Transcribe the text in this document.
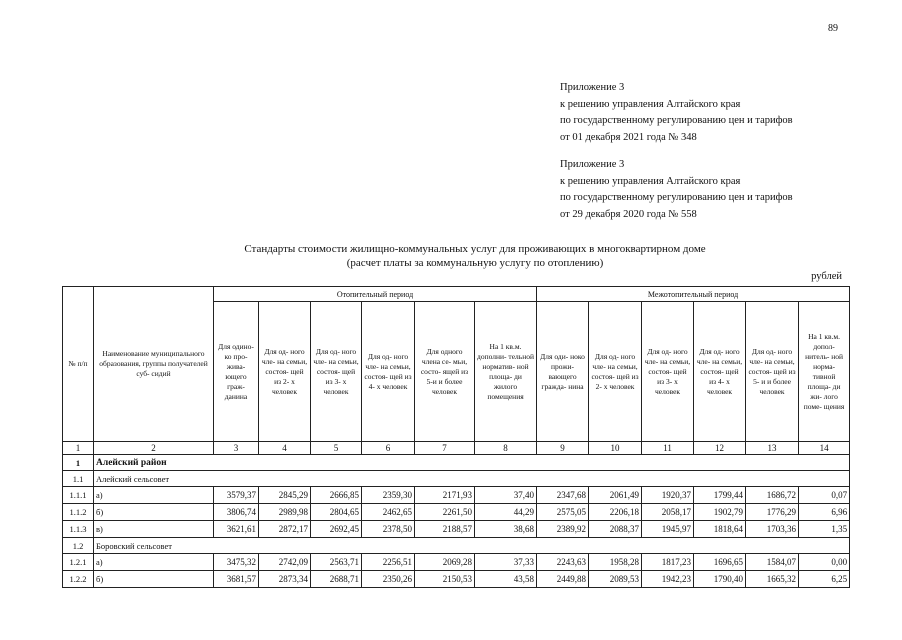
89
Приложение 3
к решению управления Алтайского края
по государственному регулированию цен и тарифов
от 01 декабря 2021 года № 348
Приложение 3
к решению управления Алтайского края
по государственному регулированию цен и тарифов
от 29 декабря 2020 года № 558
Стандарты стоимости жилищно-коммунальных услуг для проживающих в многоквартирном доме
(расчет платы за коммунальную услугу по отоплению)
рублей
№ п/п	Наименование муниципального образования, группы получателей суб- сидий	Отопительный период						Межотопительный период					
		Для одино- ко про- жива- ющего граж- данина	Для од- ного чле- на семьи, состоя- щей из 2- х человек	Для од- ного чле- на семьи, состоя- щей из 3- х человек	Для од- ного чле- на семьи, состоя- щей из 4- х человек	Для одного члена се- мьи, состо- ящей из 5-и и более человек	На 1 кв.м. дополни- тельной норматив- ной площа- ди жилого помещения	Для оди- ноко прожи- вающего гражда- нина	Для од- ного чле- на семьи, состоя- щей из 2- х человек	Для од- ного чле- на семьи, состоя- щей из 3- х человек	Для од- ного чле- на семьи, состоя- щей из 4- х человек	Для од- ного чле- на семьи, состоя- щей из 5- и и более человек	На 1 кв.м. допол- нитель- ной норма- тивной площа- ди жи- лого поме- щения
1	2	3	4	5	6	7	8	9	10	11	12	13	14
1	Алейский район												
1.1	Алейский сельсовет												
1.1.1	а)	3579,37	2845,29	2666,85	2359,30	2171,93	37,40	2347,68	2061,49	1920,37	1799,44	1686,72	0,07
1.1.2	б)	3806,74	2989,98	2804,65	2462,65	2261,50	44,29	2575,05	2206,18	2058,17	1902,79	1776,29	6,96
1.1.3	в)	3621,61	2872,17	2692,45	2378,50	2188,57	38,68	2389,92	2088,37	1945,97	1818,64	1703,36	1,35
1.2	Боровский сельсовет												
1.2.1	а)	3475,32	2742,09	2563,71	2256,51	2069,28	37,33	2243,63	1958,28	1817,23	1696,65	1584,07	0,00
1.2.2	б)	3681,57	2873,34	2688,71	2350,26	2150,53	43,58	2449,88	2089,53	1942,23	1790,40	1665,32	6,25
